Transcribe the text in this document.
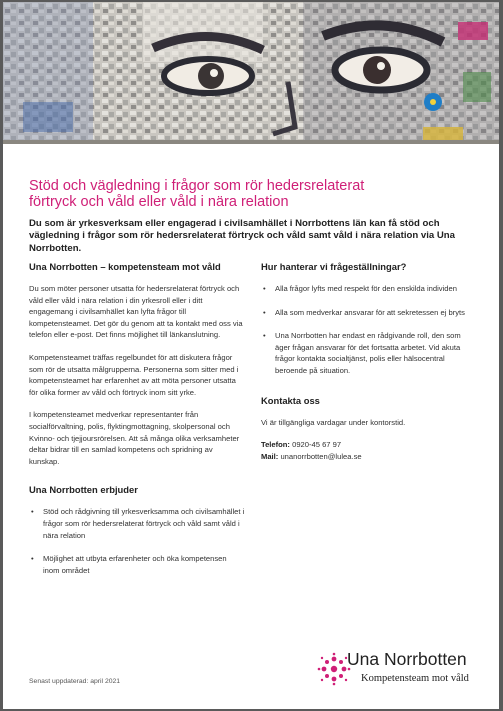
Stöd och vägledning i frågor som rör hedersrelaterat
förtryck och våld eller våld i nära relation
Du som är yrkesverksam eller engagerad i civilsamhället i Norrbottens län kan få stöd och vägledning i frågor som rör hedersrelaterat förtryck och våld samt våld i nära relation via Una Norrbotten.
Una Norrbotten – kompetensteam mot våld

Du som möter personer utsatta för hedersrelaterat förtryck och våld eller våld i nära relation i din yrkesroll eller i ditt engagemang i civilsamhället kan lyfta frågor till kompetensteamet. Det gör du genom att ta kontakt med oss via telefon eller e-post. Det finns möjlighet till länkanslutning.

Kompetensteamet träffas regelbundet för att diskutera frågor som rör de utsatta målgrupperna. Personerna som sitter med i kompetensteamet har erfarenhet av att möta personer utsatta för olika former av våld och förtryck inom sitt yrke.

I kompetensteamet medverkar representanter från socialförvaltning, polis, flyktingmottagning, skolpersonal och Kvinno- och tjejjoursrörelsen. Att så många olika verksamheter deltar bidrar till en samlad kompetens och spridning av kunskap.

Una Norrbotten erbjuder
• Stöd och rådgivning till yrkesverksamma och civilsamhället i frågor som rör hedersrelaterat förtryck och våld samt våld i nära relation
• Möjlighet att utbyta erfarenheter och öka kompetensen inom området
Hur hanterar vi frågeställningar?
• Alla frågor lyfts med respekt för den enskilda individen
• Alla som medverkar ansvarar för att sekretessen ej bryts
• Una Norrbotten har endast en rådgivande roll, den som äger frågan ansvarar för det fortsatta arbetet. Vid akuta frågor kontakta socialtjänst, polis eller hälsocentral beroende på situation.
Kontakta oss

Vi är tillgängliga vardagar under kontorstid.

Telefon: 0920-45 67 97
Mail: unanorrbotten@lulea.se
Senast uppdaterad: april 2021
Una Norrbotten
Kompetensteam mot våld
